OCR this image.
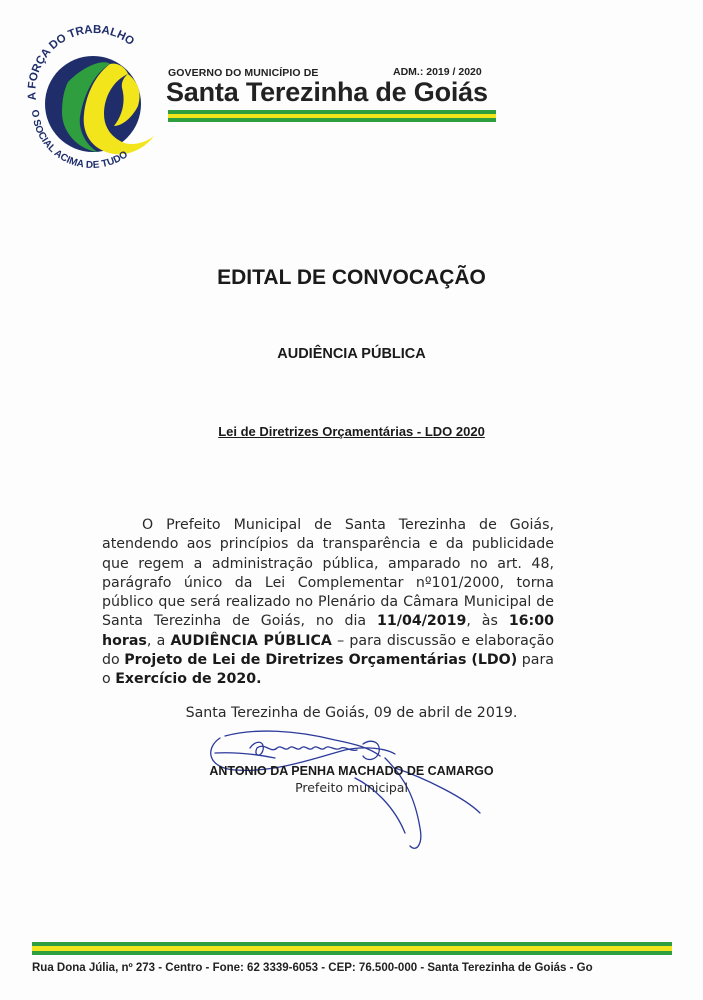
A FORÇA DO TRABALHO
O SOCIAL ACIMA DE TUDO
GOVERNO DO MUNICÍPIO DE	ADM.: 2019 / 2020
Santa Terezinha de Goiás
EDITAL DE CONVOCAÇÃO
AUDIÊNCIA PÚBLICA
Lei de Diretrizes Orçamentárias - LDO 2020
O Prefeito Municipal de Santa Terezinha de Goiás, atendendo aos princípios da transparência e da publicidade que regem a administração pública, amparado no art. 48, parágrafo único da Lei Complementar nº101/2000, torna público que será realizado no Plenário da Câmara Municipal de Santa Terezinha de Goiás, no dia 11/04/2019, às 16:00 horas, a AUDIÊNCIA PÚBLICA – para discussão e elaboração do Projeto de Lei de Diretrizes Orçamentárias (LDO) para o Exercício de 2020.
Santa Terezinha de Goiás, 09 de abril de 2019.
ANTONIO DA PENHA MACHADO DE CAMARGO
Prefeito municipal
Rua Dona Júlia, nº 273 - Centro - Fone: 62 3339-6053 - CEP: 76.500-000 - Santa Terezinha de Goiás - Go
